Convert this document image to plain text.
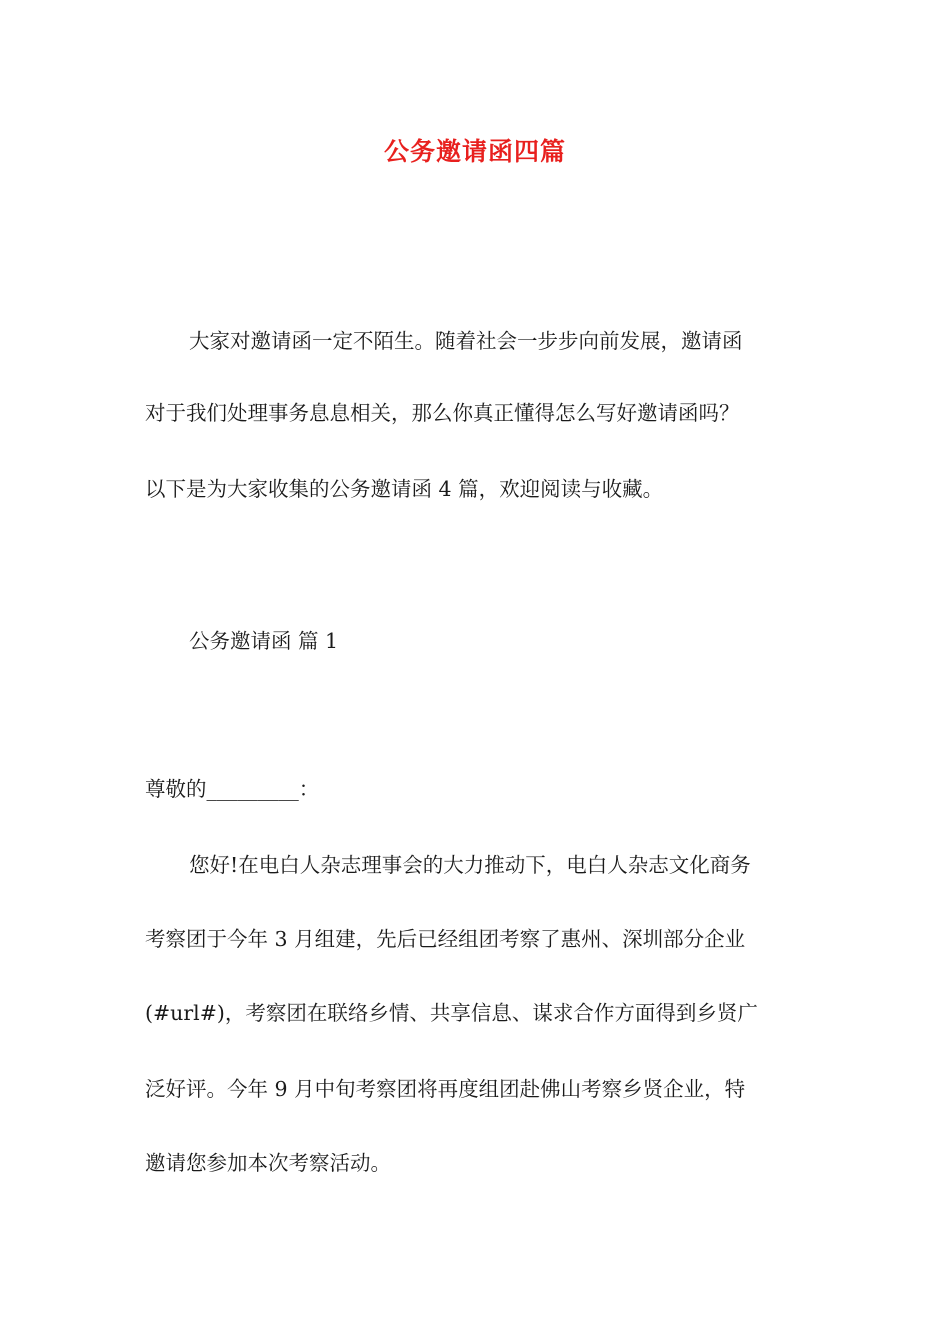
公务邀请函四篇
大家对邀请函一定不陌生。随着社会一步步向前发展，邀请函
对于我们处理事务息息相关，那么你真正懂得怎么写好邀请函吗？
以下是为大家收集的公务邀请函 4 篇，欢迎阅读与收藏。
公务邀请函 篇 1
尊敬的_________：
您好!在电白人杂志理事会的大力推动下，电白人杂志文化商务
考察团于今年 3 月组建，先后已经组团考察了惠州、深圳部分企业
(#url#)，考察团在联络乡情、共享信息、谋求合作方面得到乡贤广
泛好评。今年 9 月中旬考察团将再度组团赴佛山考察乡贤企业，特
邀请您参加本次考察活动。
